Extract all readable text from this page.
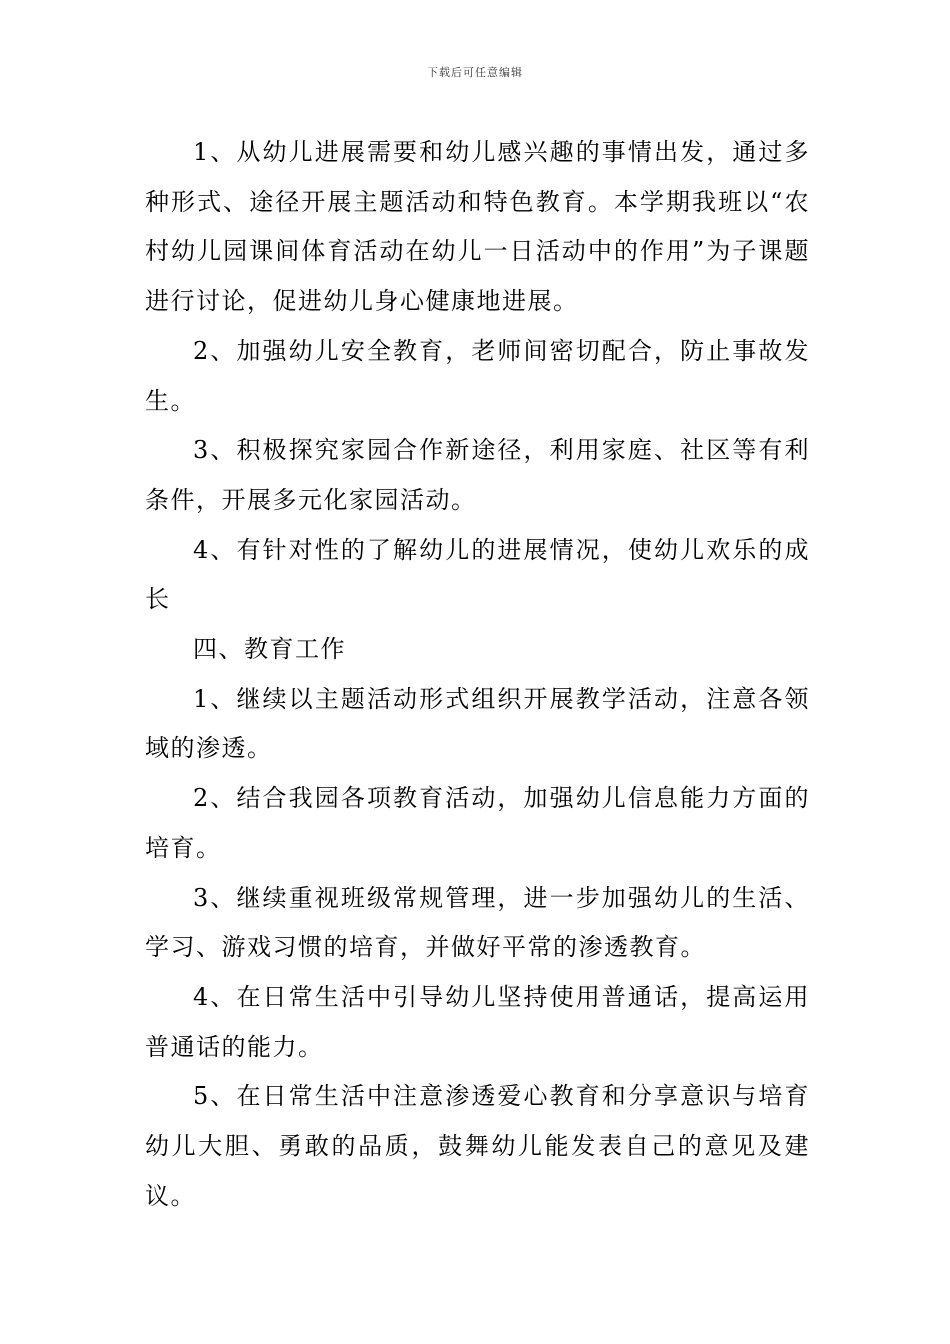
下载后可任意编辑

1、从幼儿进展需要和幼儿感兴趣的事情出发，通过多种形式、途径开展主题活动和特色教育。本学期我班以“农村幼儿园课间体育活动在幼儿一日活动中的作用”为子课题进行讨论，促进幼儿身心健康地进展。

2、加强幼儿安全教育，老师间密切配合，防止事故发生。

3、积极探究家园合作新途径，利用家庭、社区等有利条件，开展多元化家园活动。

4、有针对性的了解幼儿的进展情况，使幼儿欢乐的成长

四、教育工作

1、继续以主题活动形式组织开展教学活动，注意各领域的渗透。

2、结合我园各项教育活动，加强幼儿信息能力方面的培育。

3、继续重视班级常规管理，进一步加强幼儿的生活、学习、游戏习惯的培育，并做好平常的渗透教育。

4、在日常生活中引导幼儿坚持使用普通话，提高运用普通话的能力。

5、在日常生活中注意渗透爱心教育和分享意识与培育幼儿大胆、勇敢的品质，鼓舞幼儿能发表自己的意见及建议。
